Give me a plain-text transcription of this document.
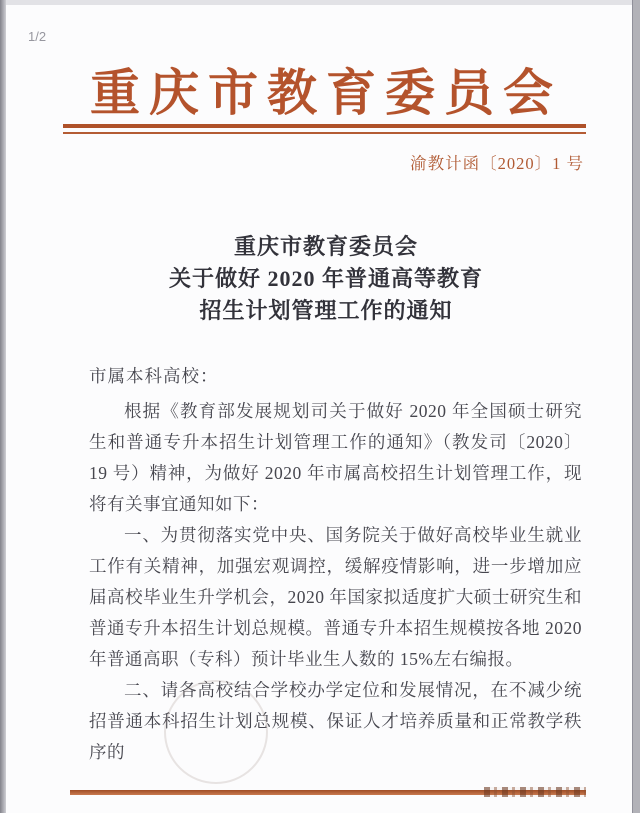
1/2
重庆市教育委员会
渝教计函〔2020〕1 号
重庆市教育委员会
关于做好 2020 年普通高等教育
招生计划管理工作的通知
市属本科高校：

根据《教育部发展规划司关于做好 2020 年全国硕士研究生和普通专升本招生计划管理工作的通知》（教发司〔2020〕19 号）精神，为做好 2020 年市属高校招生计划管理工作，现将有关事宜通知如下：

一、为贯彻落实党中央、国务院关于做好高校毕业生就业工作有关精神，加强宏观调控，缓解疫情影响，进一步增加应届高校毕业生升学机会，2020 年国家拟适度扩大硕士研究生和普通专升本招生计划总规模。普通专升本招生规模按各地 2020 年普通高职（专科）预计毕业生人数的 15%左右编报。

二、请各高校结合学校办学定位和发展情况，在不减少统招普通本科招生计划总规模、保证人才培养质量和正常教学秩序的
